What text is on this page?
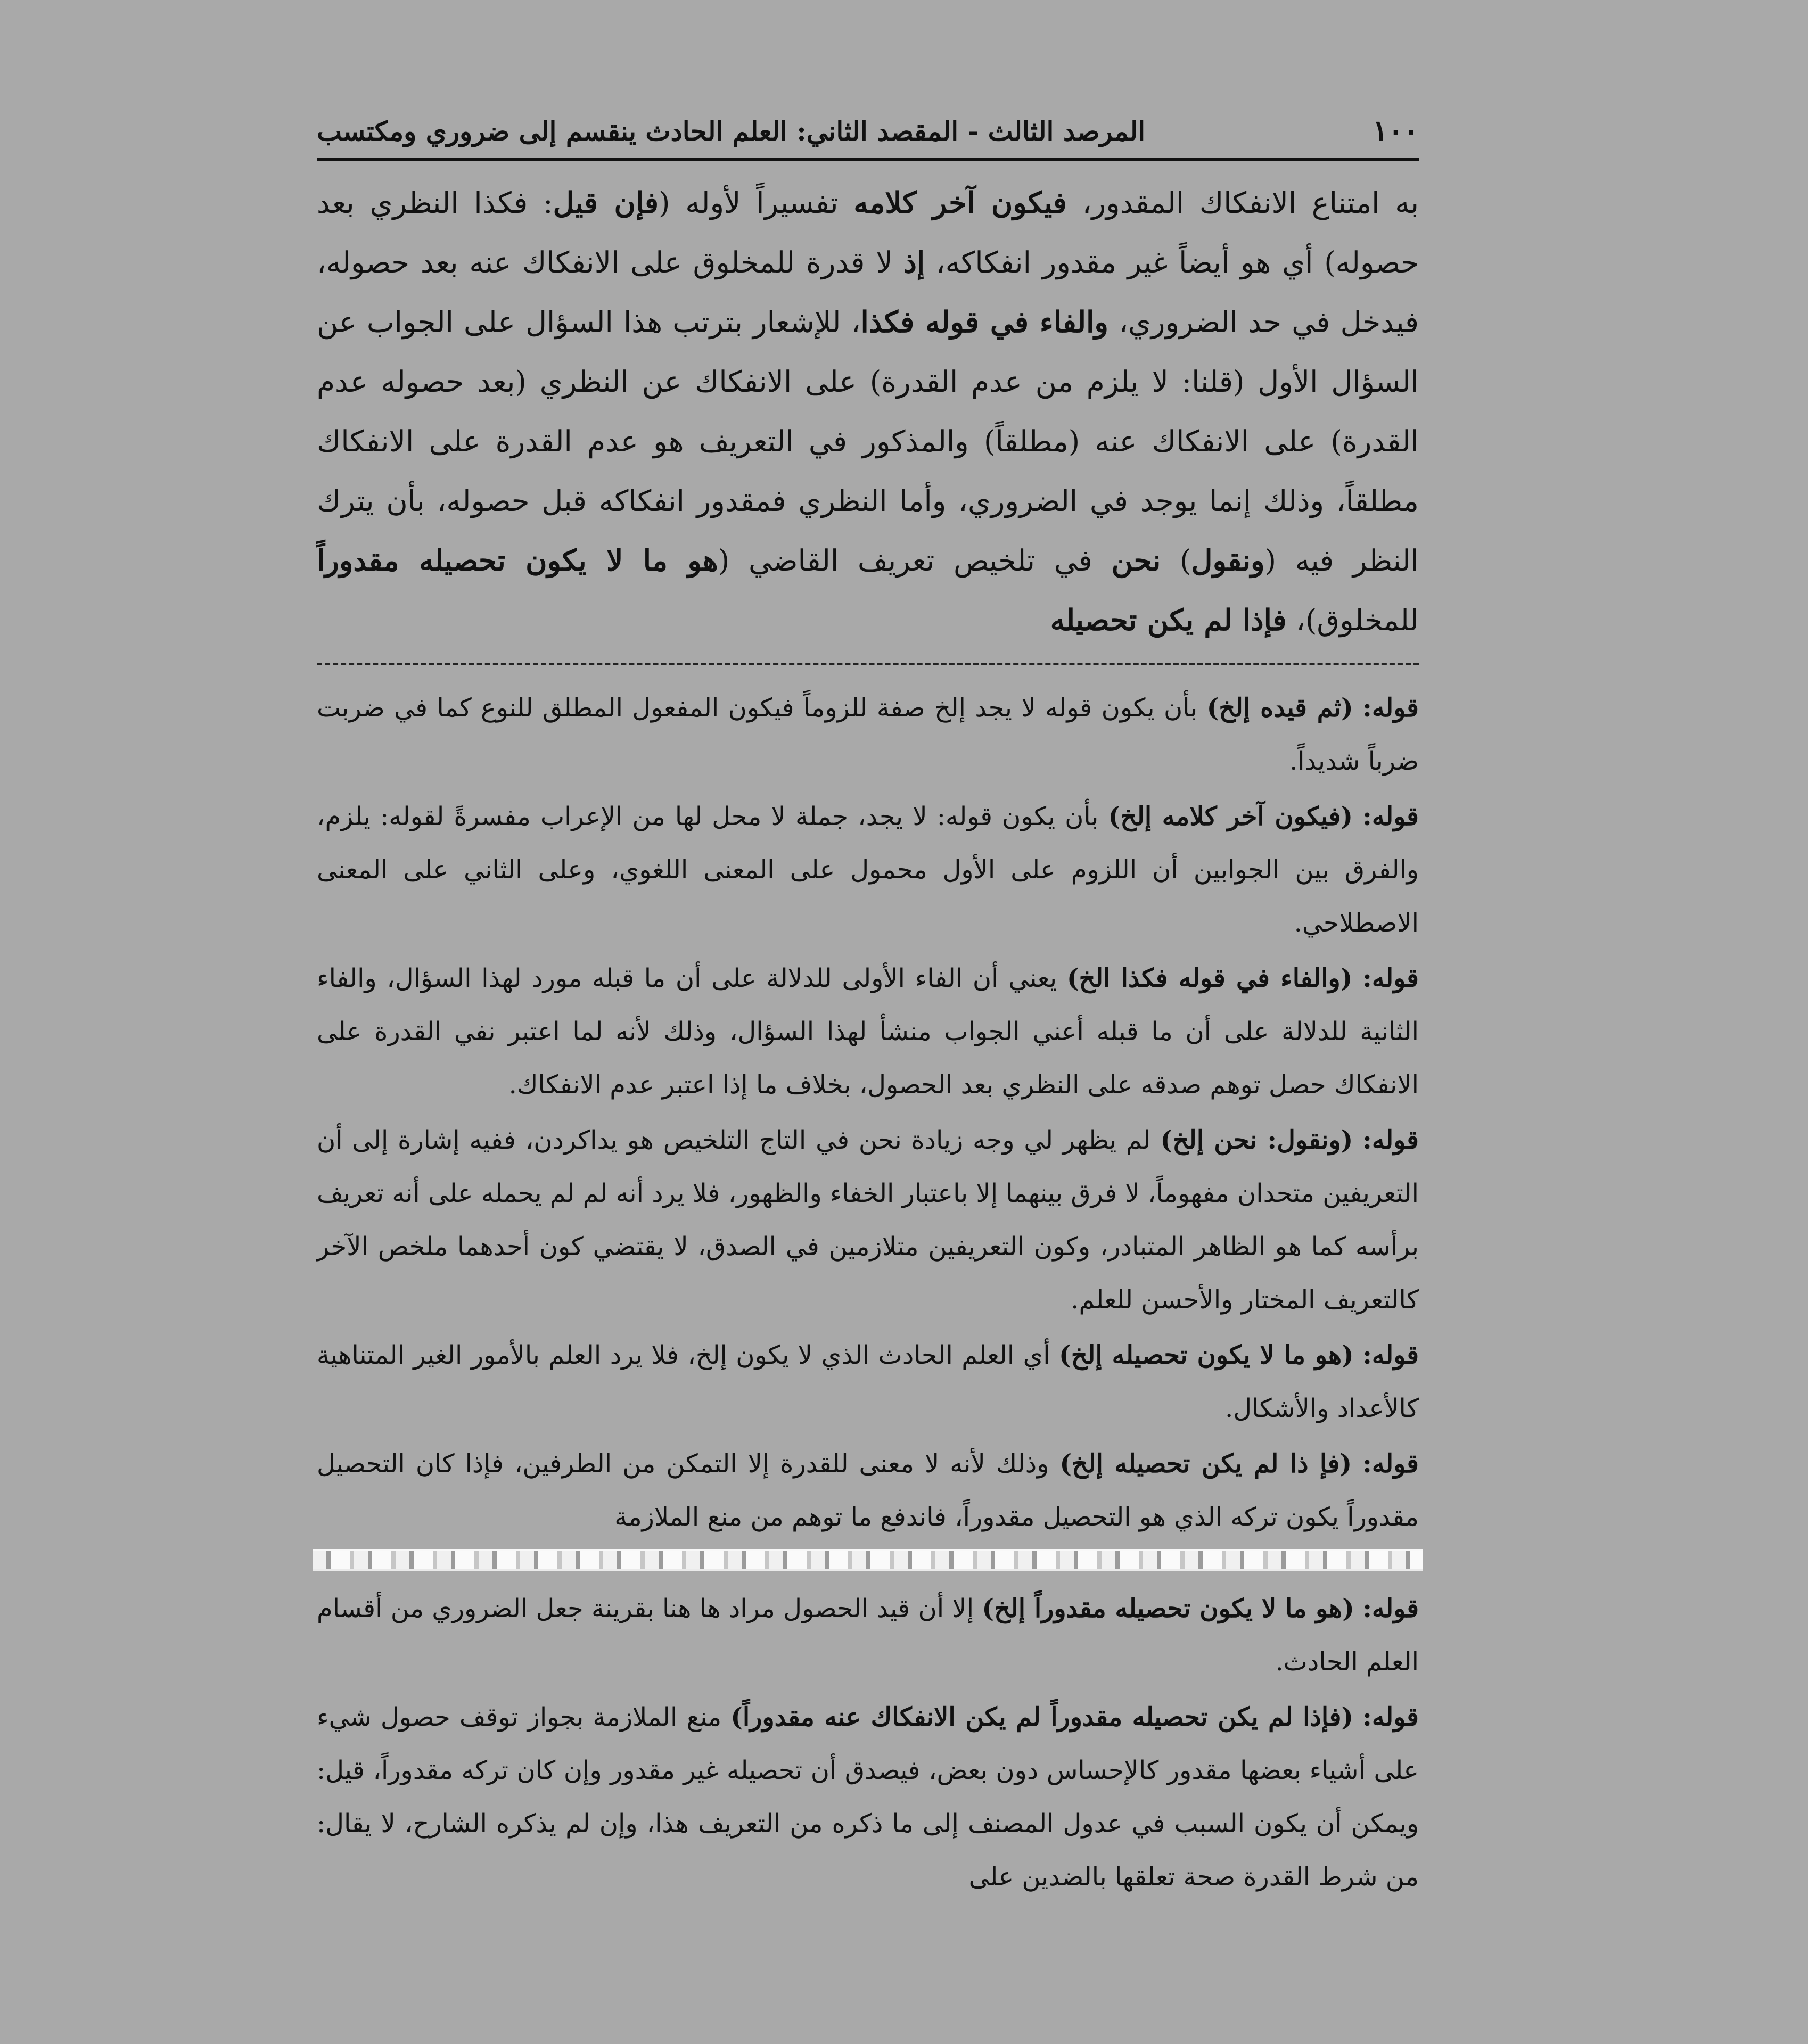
١٠٠
المرصد الثالث - المقصد الثاني: العلم الحادث ينقسم إلى ضروري ومكتسب
به امتناع الانفكاك المقدور، فيكون آخر كلامه تفسيراً لأوله (فإن قيل: فكذا النظري بعد حصوله) أي هو أيضاً غير مقدور انفكاكه، إذ لا قدرة للمخلوق على الانفكاك عنه بعد حصوله، فيدخل في حد الضروري، والفاء في قوله فكذا، للإشعار بترتب هذا السؤال على الجواب عن السؤال الأول (قلنا: لا يلزم من عدم القدرة) على الانفكاك عن النظري (بعد حصوله عدم القدرة) على الانفكاك عنه (مطلقاً) والمذكور في التعريف هو عدم القدرة على الانفكاك مطلقاً، وذلك إنما يوجد في الضروري، وأما النظري فمقدور انفكاكه قبل حصوله، بأن يترك النظر فيه (ونقول) نحن في تلخيص تعريف القاضي (هو ما لا يكون تحصيله مقدوراً للمخلوق)، فإذا لم يكن تحصيله

قوله: (ثم قيده إلخ) بأن يكون قوله لا يجد إلخ صفة للزوماً فيكون المفعول المطلق للنوع كما في ضربت ضرباً شديداً.

قوله: (فيكون آخر كلامه إلخ) بأن يكون قوله: لا يجد، جملة لا محل لها من الإعراب مفسرةً لقوله: يلزم، والفرق بين الجوابين أن اللزوم على الأول محمول على المعنى اللغوي، وعلى الثاني على المعنى الاصطلاحي.

قوله: (والفاء في قوله فكذا الخ) يعني أن الفاء الأولى للدلالة على أن ما قبله مورد لهذا السؤال، والفاء الثانية للدلالة على أن ما قبله أعني الجواب منشأ لهذا السؤال، وذلك لأنه لما اعتبر نفي القدرة على الانفكاك حصل توهم صدقه على النظري بعد الحصول، بخلاف ما إذا اعتبر عدم الانفكاك.

قوله: (ونقول: نحن إلخ) لم يظهر لي وجه زيادة نحن في التاج التلخيص هو يداكردن، ففيه إشارة إلى أن التعريفين متحدان مفهوماً، لا فرق بينهما إلا باعتبار الخفاء والظهور، فلا يرد أنه لم لم يحمله على أنه تعريف برأسه كما هو الظاهر المتبادر، وكون التعريفين متلازمين في الصدق، لا يقتضي كون أحدهما ملخص الآخر كالتعريف المختار والأحسن للعلم.

قوله: (هو ما لا يكون تحصيله إلخ) أي العلم الحادث الذي لا يكون إلخ، فلا يرد العلم بالأمور الغير المتناهية كالأعداد والأشكال.

قوله: (فإ ذا لم يكن تحصيله إلخ) وذلك لأنه لا معنى للقدرة إلا التمكن من الطرفين، فإذا كان التحصيل مقدوراً يكون تركه الذي هو التحصيل مقدوراً، فاندفع ما توهم من منع الملازمة

قوله: (هو ما لا يكون تحصيله مقدوراً إلخ) إلا أن قيد الحصول مراد ها هنا بقرينة جعل الضروري من أقسام العلم الحادث.

قوله: (فإذا لم يكن تحصيله مقدوراً لم يكن الانفكاك عنه مقدوراً) منع الملازمة بجواز توقف حصول شيء على أشياء بعضها مقدور كالإحساس دون بعض، فيصدق أن تحصيله غير مقدور وإن كان تركه مقدوراً، قيل: ويمكن أن يكون السبب في عدول المصنف إلى ما ذكره من التعريف هذا، وإن لم يذكره الشارح، لا يقال: من شرط القدرة صحة تعلقها بالضدين على
